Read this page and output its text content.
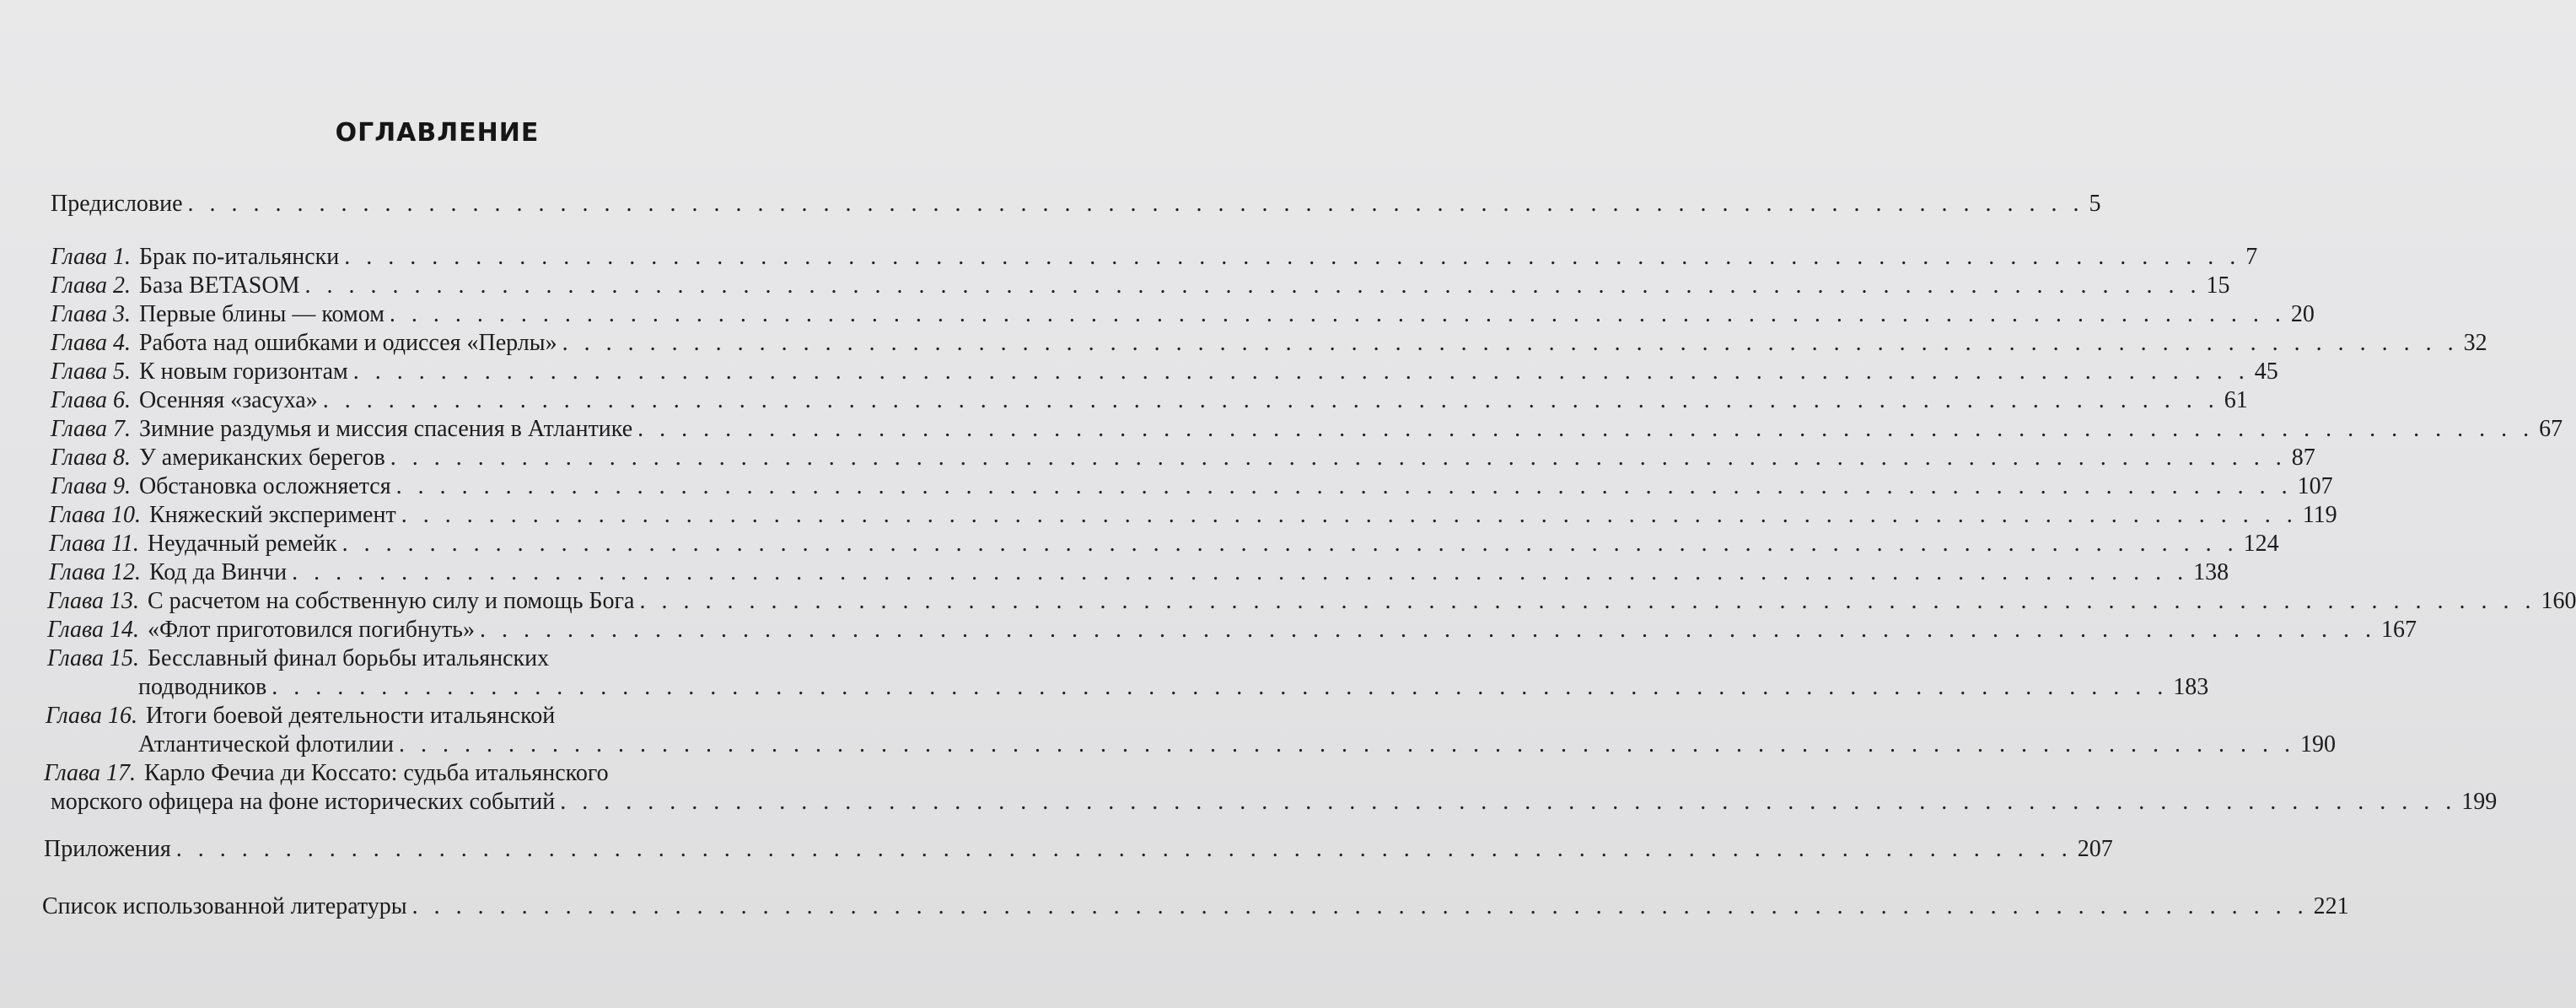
ОГЛАВЛЕНИЕ
Предисловие . . . . . . . . . . . . . . . . . . . . . . . . . . . . . . . . . . . . . . . . . . . . . . . . . . . . . . . . . . . . . . . . . . . . . . . . . . . . . . . . . . . . . . . 5
Глава 1. Брак по-итальянски . . . . . . . . . . . . . . . . . . . . . . . . . . . . . . . . . . . . . . . . . . . . . . . . . . . . . . . . . . . . . . . . . . . . . . . . . . . . . . . . . . . . . . . 7
Глава 2. База BETASOM . . . . . . . . . . . . . . . . . . . . . . . . . . . . . . . . . . . . . . . . . . . . . . . . . . . . . . . . . . . . . . . . . . . . . . . . . . . . . . . . . . . . . . . 15
Глава 3. Первые блины — комом . . . . . . . . . . . . . . . . . . . . . . . . . . . . . . . . . . . . . . . . . . . . . . . . . . . . . . . . . . . . . . . . . . . . . . . . . . . . . . . . . . . . . . . 20
Глава 4. Работа над ошибками и одиссея «Перлы» . . . . . . . . . . . . . . . . . . . . . . . . . . . . . . . . . . . . . . . . . . . . . . . . . . . . . . . . . . . . . . . . . . . . . . . . . . . . . . . . . . . . . . . 32
Глава 5. К новым горизонтам . . . . . . . . . . . . . . . . . . . . . . . . . . . . . . . . . . . . . . . . . . . . . . . . . . . . . . . . . . . . . . . . . . . . . . . . . . . . . . . . . . . . . . . 45
Глава 6. Осенняя «засуха» . . . . . . . . . . . . . . . . . . . . . . . . . . . . . . . . . . . . . . . . . . . . . . . . . . . . . . . . . . . . . . . . . . . . . . . . . . . . . . . . . . . . . . . 61
Глава 7. Зимние раздумья и миссия спасения в Атлантике . . . . . . . . . . . . . . . . . . . . . . . . . . . . . . . . . . . . . . . . . . . . . . . . . . . . . . . . . . . . . . . . . . . . . . . . . . . . . . . . . . . . . . . 67
Глава 8. У американских берегов . . . . . . . . . . . . . . . . . . . . . . . . . . . . . . . . . . . . . . . . . . . . . . . . . . . . . . . . . . . . . . . . . . . . . . . . . . . . . . . . . . . . . . . 87
Глава 9. Обстановка осложняется . . . . . . . . . . . . . . . . . . . . . . . . . . . . . . . . . . . . . . . . . . . . . . . . . . . . . . . . . . . . . . . . . . . . . . . . . . . . . . . . . . . . . . . 107
Глава 10. Княжеский эксперимент . . . . . . . . . . . . . . . . . . . . . . . . . . . . . . . . . . . . . . . . . . . . . . . . . . . . . . . . . . . . . . . . . . . . . . . . . . . . . . . . . . . . . . . 119
Глава 11. Неудачный ремейк . . . . . . . . . . . . . . . . . . . . . . . . . . . . . . . . . . . . . . . . . . . . . . . . . . . . . . . . . . . . . . . . . . . . . . . . . . . . . . . . . . . . . . . 124
Глава 12. Код да Винчи . . . . . . . . . . . . . . . . . . . . . . . . . . . . . . . . . . . . . . . . . . . . . . . . . . . . . . . . . . . . . . . . . . . . . . . . . . . . . . . . . . . . . . . 138
Глава 13. С расчетом на собственную силу и помощь Бога . . . . . . . . . . . . . . . . . . . . . . . . . . . . . . . . . . . . . . . . . . . . . . . . . . . . . . . . . . . . . . . . . . . . . . . . . . . . . . . . . . . . . . . 160
Глава 14. «Флот приготовился погибнуть» . . . . . . . . . . . . . . . . . . . . . . . . . . . . . . . . . . . . . . . . . . . . . . . . . . . . . . . . . . . . . . . . . . . . . . . . . . . . . . . . . . . . . . . 167
Глава 15. Бесславный финал борьбы итальянских
подводников . . . . . . . . . . . . . . . . . . . . . . . . . . . . . . . . . . . . . . . . . . . . . . . . . . . . . . . . . . . . . . . . . . . . . . . . . . . . . . . . . . . . . . . 183
Глава 16. Итоги боевой деятельности итальянской
Атлантической флотилии . . . . . . . . . . . . . . . . . . . . . . . . . . . . . . . . . . . . . . . . . . . . . . . . . . . . . . . . . . . . . . . . . . . . . . . . . . . . . . . . . . . . . . . 190
Глава 17. Карло Фечиа ди Коссато: судьба итальянского
морского офицера на фоне исторических событий . . . . . . . . . . . . . . . . . . . . . . . . . . . . . . . . . . . . . . . . . . . . . . . . . . . . . . . . . . . . . . . . . . . . . . . . . . . . . . . . . . . . . . . 199
Приложения . . . . . . . . . . . . . . . . . . . . . . . . . . . . . . . . . . . . . . . . . . . . . . . . . . . . . . . . . . . . . . . . . . . . . . . . . . . . . . . . . . . . . . . 207
Список использованной литературы . . . . . . . . . . . . . . . . . . . . . . . . . . . . . . . . . . . . . . . . . . . . . . . . . . . . . . . . . . . . . . . . . . . . . . . . . . . . . . . . . . . . . . . 221
